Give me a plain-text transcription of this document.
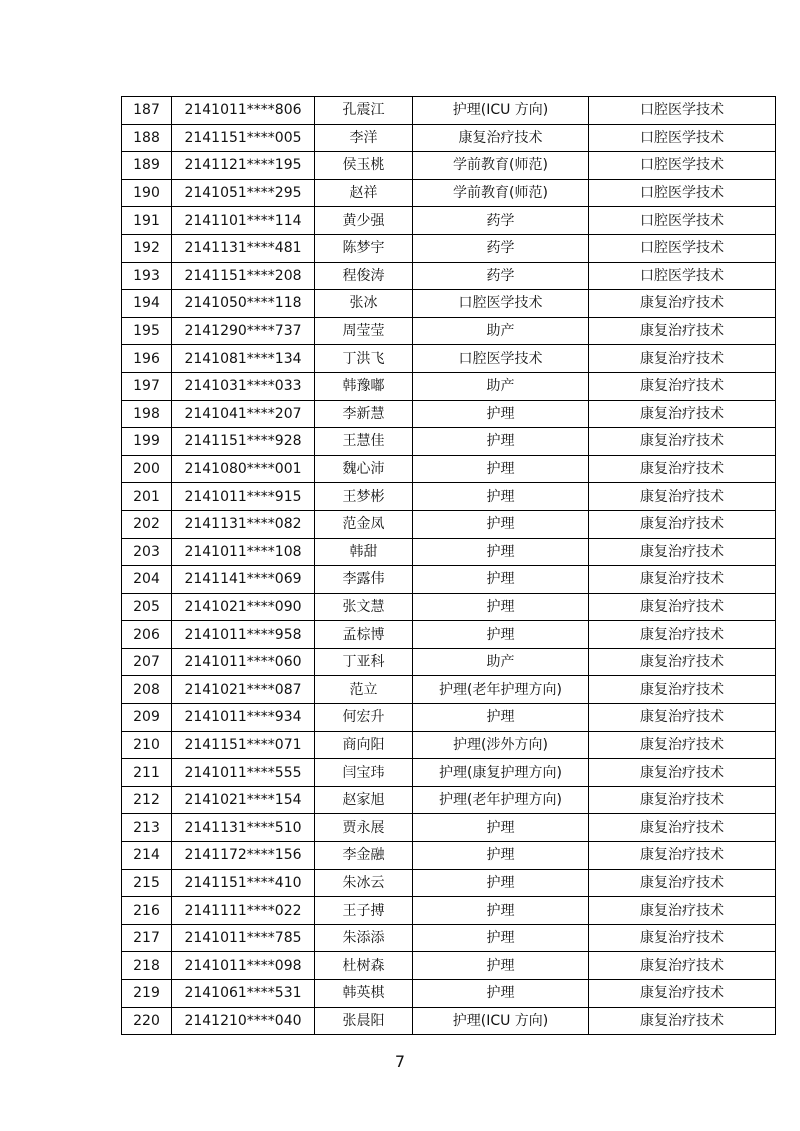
187	2141011****806	孔震江	护理(ICU 方向)	口腔医学技术
188	2141151****005	李洋	康复治疗技术	口腔医学技术
189	2141121****195	侯玉桃	学前教育(师范)	口腔医学技术
190	2141051****295	赵祥	学前教育(师范)	口腔医学技术
191	2141101****114	黄少强	药学	口腔医学技术
192	2141131****481	陈梦宇	药学	口腔医学技术
193	2141151****208	程俊涛	药学	口腔医学技术
194	2141050****118	张冰	口腔医学技术	康复治疗技术
195	2141290****737	周莹莹	助产	康复治疗技术
196	2141081****134	丁洪飞	口腔医学技术	康复治疗技术
197	2141031****033	韩豫嘟	助产	康复治疗技术
198	2141041****207	李新慧	护理	康复治疗技术
199	2141151****928	王慧佳	护理	康复治疗技术
200	2141080****001	魏心沛	护理	康复治疗技术
201	2141011****915	王梦彬	护理	康复治疗技术
202	2141131****082	范金凤	护理	康复治疗技术
203	2141011****108	韩甜	护理	康复治疗技术
204	2141141****069	李露伟	护理	康复治疗技术
205	2141021****090	张文慧	护理	康复治疗技术
206	2141011****958	孟棕博	护理	康复治疗技术
207	2141011****060	丁亚科	助产	康复治疗技术
208	2141021****087	范立	护理(老年护理方向)	康复治疗技术
209	2141011****934	何宏升	护理	康复治疗技术
210	2141151****071	商向阳	护理(涉外方向)	康复治疗技术
211	2141011****555	闫宝玮	护理(康复护理方向)	康复治疗技术
212	2141021****154	赵家旭	护理(老年护理方向)	康复治疗技术
213	2141131****510	贾永展	护理	康复治疗技术
214	2141172****156	李金融	护理	康复治疗技术
215	2141151****410	朱冰云	护理	康复治疗技术
216	2141111****022	王子搏	护理	康复治疗技术
217	2141011****785	朱添添	护理	康复治疗技术
218	2141011****098	杜树森	护理	康复治疗技术
219	2141061****531	韩英棋	护理	康复治疗技术
220	2141210****040	张晨阳	护理(ICU 方向)	康复治疗技术
7
